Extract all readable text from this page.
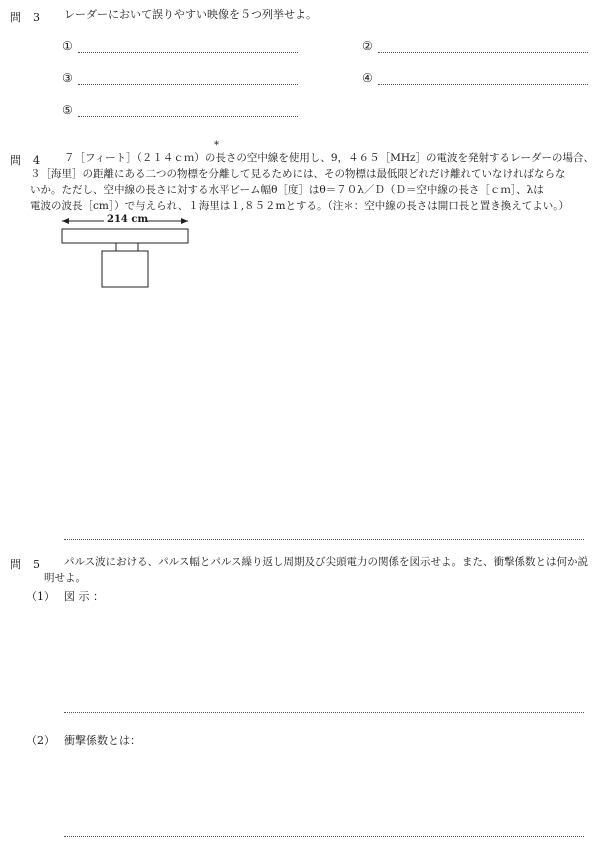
問　3 レーダーにおいて誤りやすい映像を５つ列挙せよ。
①	②
③	④
⑤
*
問　4 ７［フィート］（２１４ｃｍ）の長さの空中線を使用し、9，４６５［MHz］の電波を発射するレーダーの場合、
３［海里］の距離にある二つの物標を分離して見るためには、その物標は最低限どれだけ離れていなければならな
いか。ただし、空中線の長さに対する水平ビーム幅θ［度］はθ＝７０λ／Ｄ（Ｄ＝空中線の長さ［ｃｍ］、λは
電波の波長［cm］）で与えられ、１海里は１,８５２mとする。（注＊：空中線の長さは開口長と置き換えてよい。）
214 cm
問　5 パルス波における、パルス幅とパルス繰り返し周期及び尖頭電力の関係を図示せよ。また、衝撃係数とは何か説
明せよ。
（1） 図 示 ：
（2） 衝撃係数とは：
